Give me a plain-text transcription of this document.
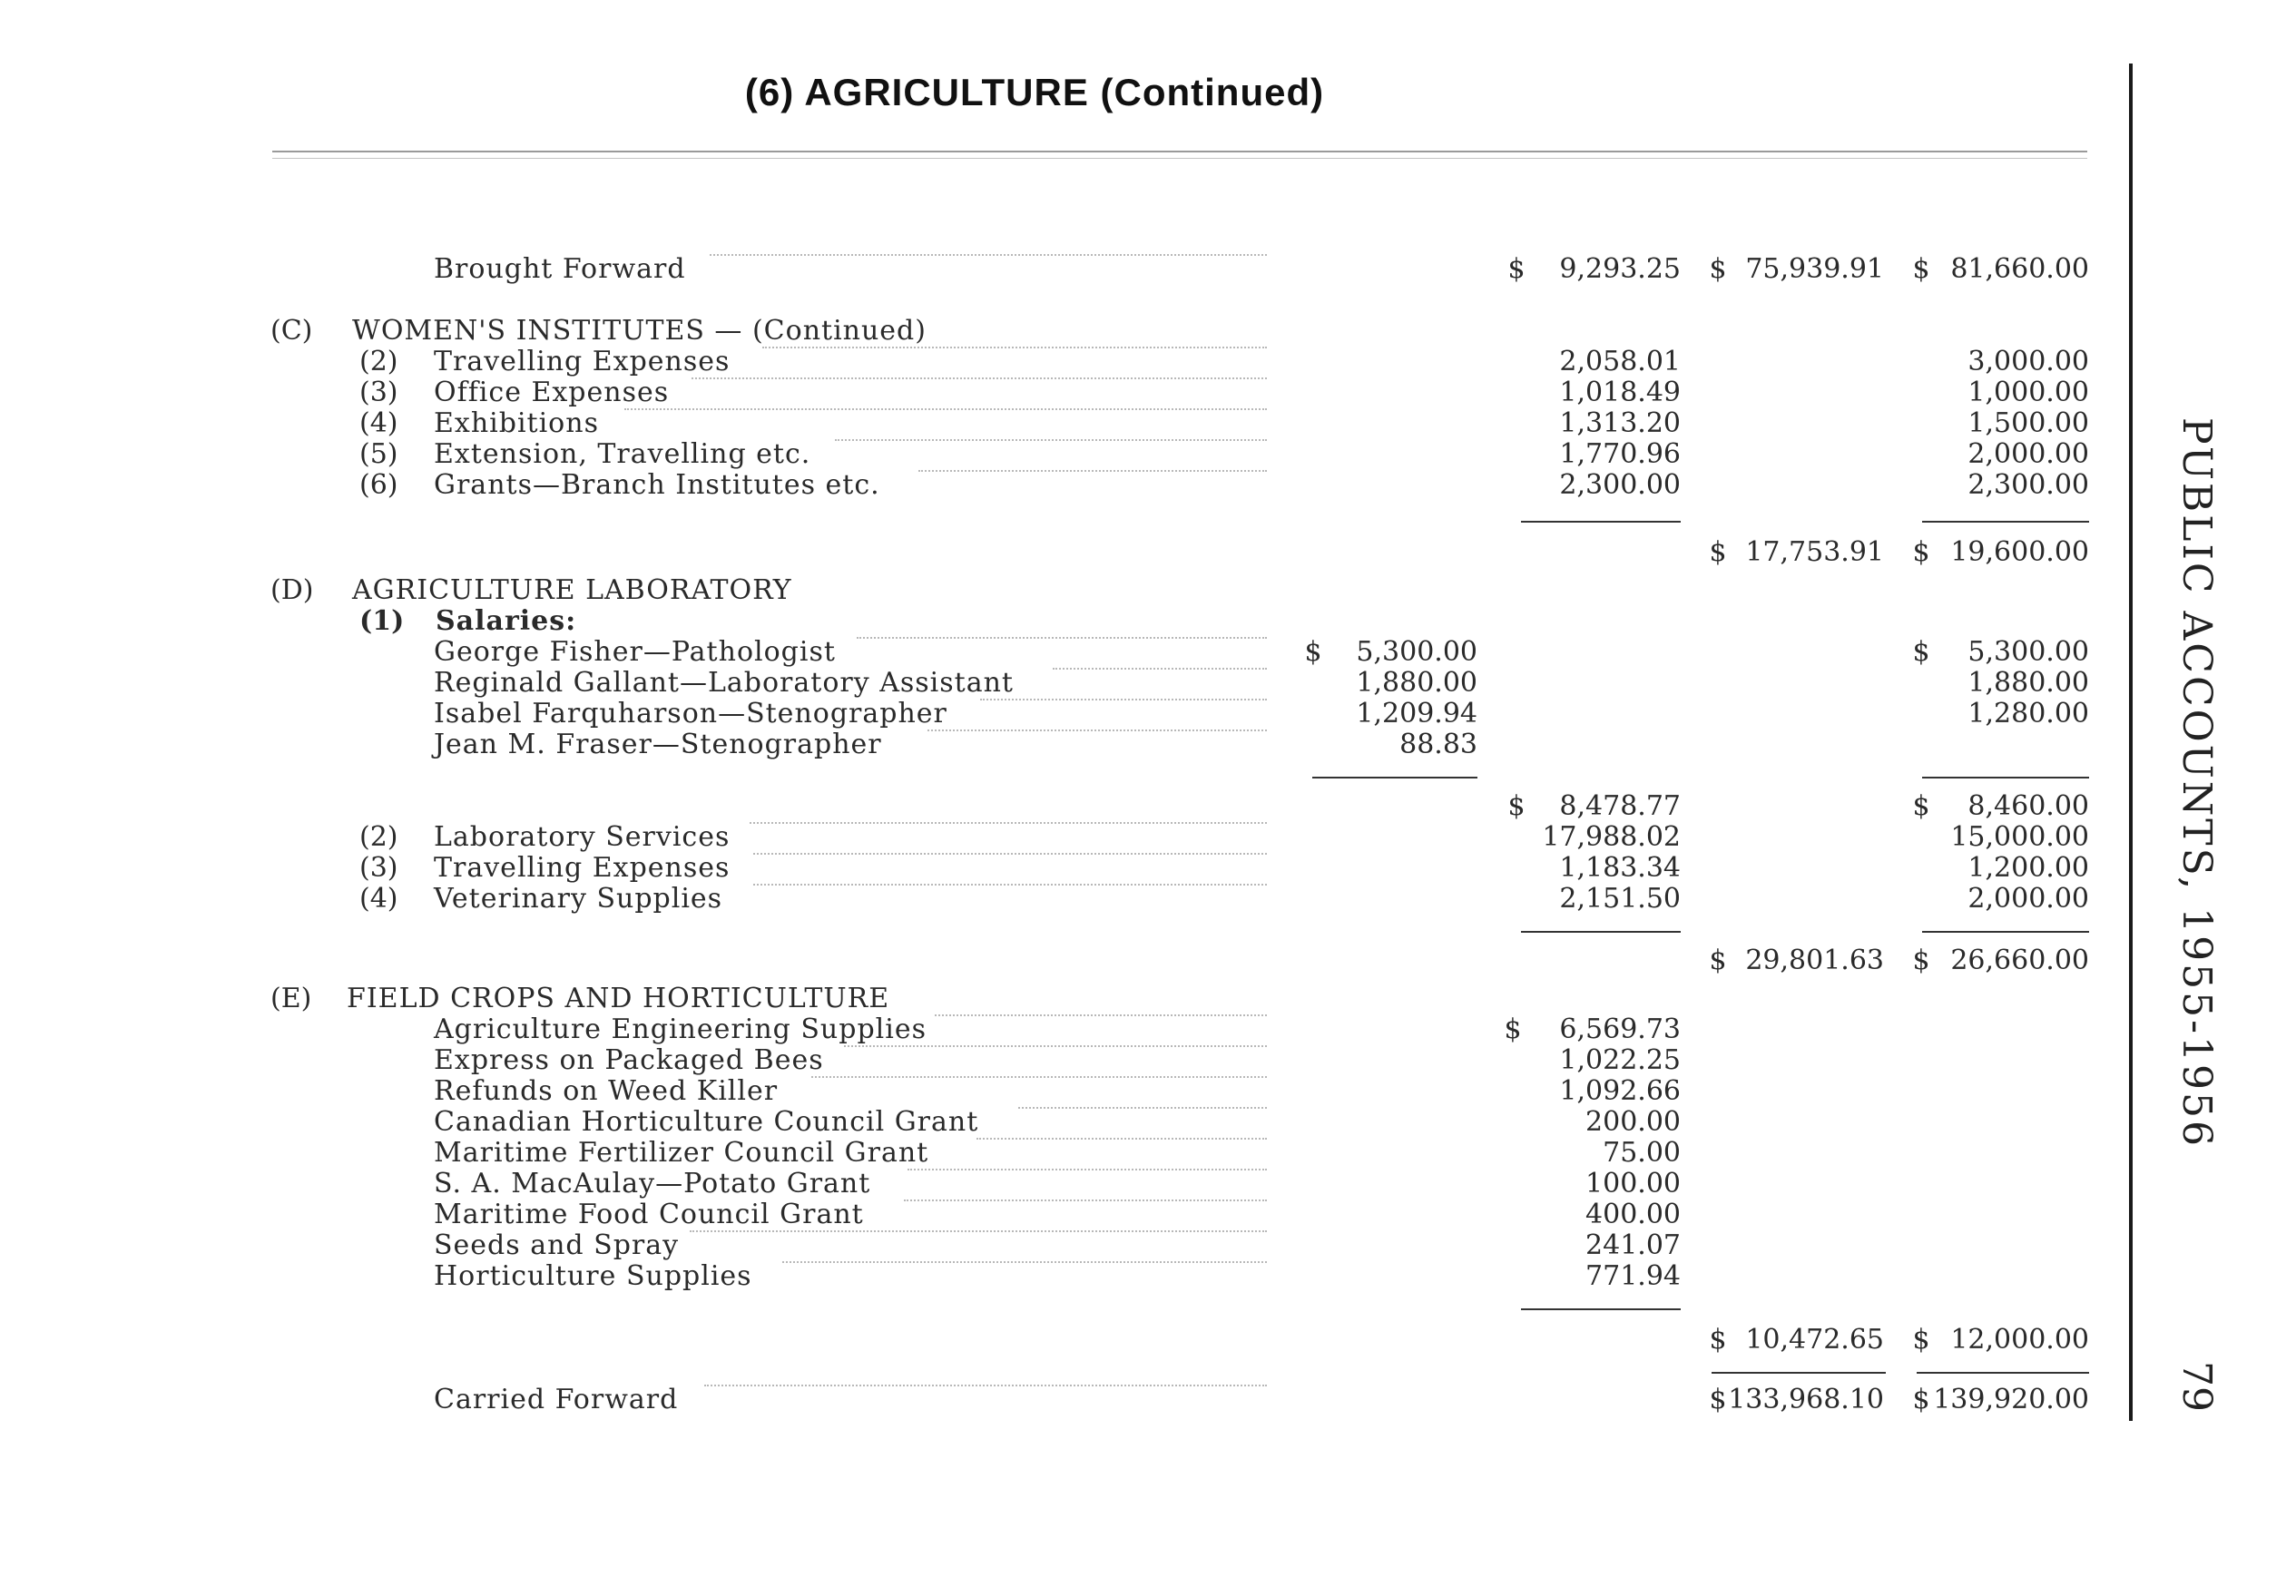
(6) AGRICULTURE (Continued)
PUBLIC ACCOUNTS, 1955-1956
79
Brought Forward	$ 9,293.25 $ 75,939.91 $ 81,660.00
(C) WOMEN'S INSTITUTES — (Continued)
(2) Travelling Expenses	2,058.01	3,000.00
(3) Office Expenses	1,018.49	1,000.00
(4) Exhibitions	1,313.20	1,500.00
(5) Extension, Travelling etc.	1,770.96	2,000.00
(6) Grants—Branch Institutes etc.	2,300.00	2,300.00
$ 17,753.91 $ 19,600.00
(D) AGRICULTURE LABORATORY
(1) Salaries:
George Fisher—Pathologist	$ 5,300.00	$ 5,300.00
Reginald Gallant—Laboratory Assistant	1,880.00	1,880.00
Isabel Farquharson—Stenographer	1,209.94	1,280.00
Jean M. Fraser—Stenographer	88.83
$ 8,478.77	$ 8,460.00
(2) Laboratory Services	17,988.02	15,000.00
(3) Travelling Expenses	1,183.34	1,200.00
(4) Veterinary Supplies	2,151.50	2,000.00
$ 29,801.63 $ 26,660.00
(E) FIELD CROPS AND HORTICULTURE
Agriculture Engineering Supplies	$ 6,569.73
Express on Packaged Bees	1,022.25
Refunds on Weed Killer	1,092.66
Canadian Horticulture Council Grant	200.00
Maritime Fertilizer Council Grant	75.00
S. A. MacAulay—Potato Grant	100.00
Maritime Food Council Grant	400.00
Seeds and Spray	241.07
Horticulture Supplies	771.94
$ 10,472.65 $ 12,000.00
Carried Forward	$ 133,968.10 $ 139,920.00
